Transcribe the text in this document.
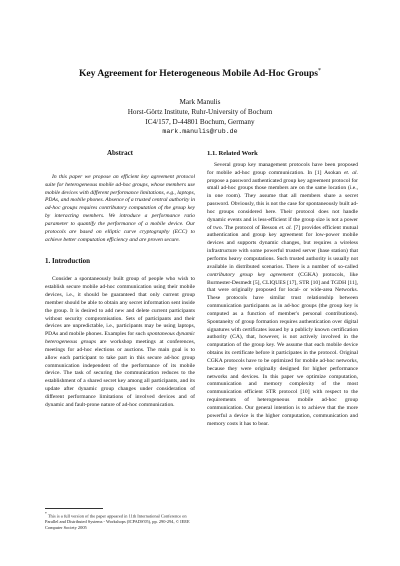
Key Agreement for Heterogeneous Mobile Ad-Hoc Groups*
Mark Manulis
Horst-Görtz Institute, Ruhr-University of Bochum
IC4/157, D-44801 Bochum, Germany
mark.manulis@rub.de
Abstract

In this paper we propose an efficient key agreement protocol suite for heterogeneous mobile ad-hoc groups, whose members use mobile devices with different performance limitations, e.g., laptops, PDAs, and mobile phones. Absence of a trusted central authority in ad-hoc groups requires contributory computation of the group key by interacting members. We introduce a performance ratio parameter to quantify the performance of a mobile device. Our protocols are based on elliptic curve cryptography (ECC) to achieve better computation efficiency and are proven secure.

1. Introduction

Consider a spontaneously built group of people who wish to establish secure mobile ad-hoc communication using their mobile devices, i.e., it should be guaranteed that only current group member should be able to obtain any secret information sent inside the group. It is desired to add new and delete current participants without security compromisation. Sets of participants and their devices are unpredictable, i.e., participants may be using laptops, PDAs and mobile phones. Examples for such spontaneous dynamic heterogeneous groups are workshop meetings at conferences, meetings for ad-hoc elections or auctions. The main goal is to allow each participant to take part in this secure ad-hoc group communication independent of the performance of its mobile device. The task of securing the communication reduces to the establishment of a shared secret key among all participants, and its update after dynamic group changes under consideration of different performance limitations of involved devices and of dynamic and fault-prone nature of ad-hoc communication.

* This is a full version of the paper appeared in 11th International Conference on Parallel and Distributed Systems - Workshops (ICPADS'05), pp. 290-294, © IEEE Computer Society 2005
1.1. Related Work

Several group key management protocols have been proposed for mobile ad-hoc group communication. In [1] Asokan et. al. propose a password authenticated group key agreement protocol for small ad-hoc groups those members are on the same location (i.e., in one room). They assume that all members share a secret password. Obviously, this is not the case for spontaneously built ad-hoc groups considered here. Their protocol does not handle dynamic events and is less-efficient if the group size is not a power of two. The protocol of Besson et. al. [7] provides efficient mutual authentication and group key agreement for low-power mobile devices and supports dynamic changes, but requires a wireless infrastructure with some powerful trusted server (base station) that performs heavy computations. Such trusted authority is usually not available in distributed scenarios. There is a number of so-called contributory group key agreement (CGKA) protocols, like Burmester-Desmedt [5], CLIQUES [17], STR [10] and TGDH [11], that were originally proposed for local- or wide-area Networks. These protocols have similar trust relationship between communication participants as in ad-hoc groups (the group key is computed as a function of member's personal contributions). Spontaneity of group formation requires authentication over digital signatures with certificates issued by a publicly known certification authority (CA), that, however, is not actively involved in the computation of the group key. We assume that each mobile device obtains its certificate before it participates in the protocol. Original CGKA protocols have to be optimized for mobile ad-hoc networks, because they were originally designed for higher performance networks and devices. In this paper we optimize computation, communication and memory complexity of the most communication efficient STR protocol [10] with respect to the requirements of heterogeneous mobile ad-hoc group communication. Our general intention is to achieve that the more powerful a device is the higher computation, communication and memory costs it has to bear.
